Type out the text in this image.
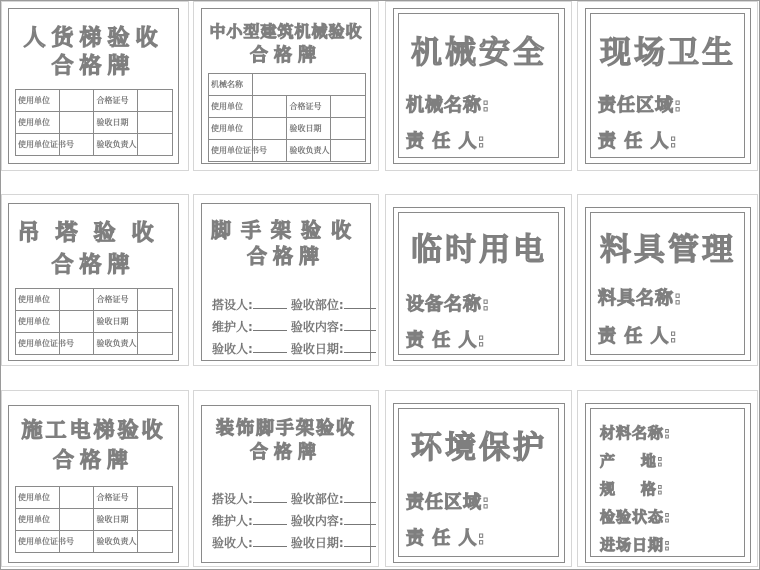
人货梯验收
合格牌
使用单位		合格证号	
使用单位		验收日期	
使用单位证书号		验收负责人	
中小型建筑机械验收
合格牌
机械名称			
使用单位		合格证号	
使用单位		验收日期	
使用单位证书号		验收负责人	
机械安全
机械名称:
责 任 人:
现场卫生
责任区域:
责 任 人:
吊塔验收
合格牌
使用单位		合格证号	
使用单位		验收日期	
使用单位证书号		验收负责人	
脚手架验收
合格牌
搭设人:	验收部位:
维护人:	验收内容:
验收人:	验收日期:
临时用电
设备名称:
责 任 人:
料具管理
料具名称:
责 任 人:
施工电梯验收
合格牌
使用单位		合格证号	
使用单位		验收日期	
使用单位证书号		验收负责人	
装饰脚手架验收
合格牌
搭设人:	验收部位:
维护人:	验收内容:
验收人:	验收日期:
环境保护
责任区域:
责 任 人:
材料名称:
产    地:
规    格:
检验状态:
进场日期:
